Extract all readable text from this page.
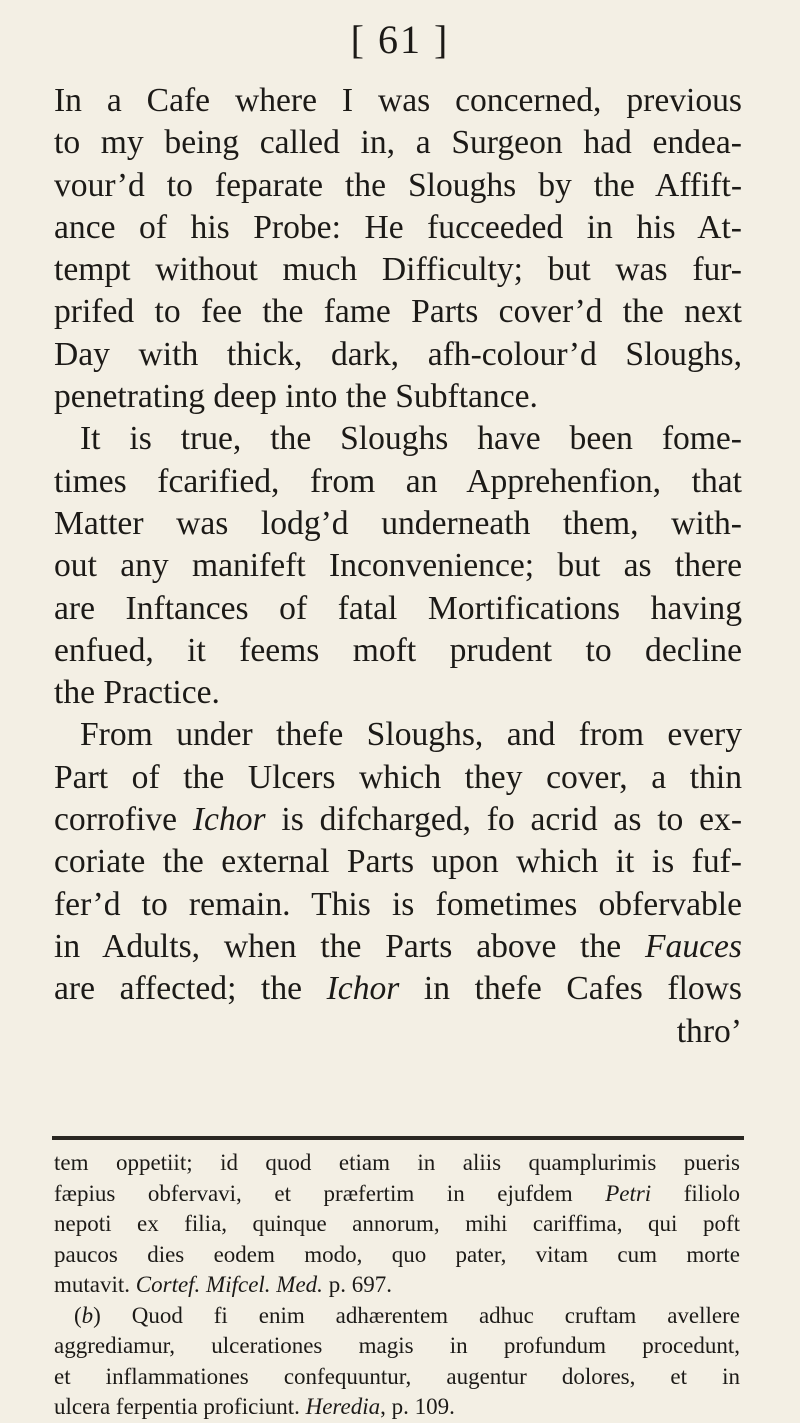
[ 61 ]
In a Cafe where I was concerned, previous
to my being called in, a Surgeon had endea-
vour’d to feparate the Sloughs by the Affift-
ance of his Probe: He fucceeded in his At-
tempt without much Difficulty; but was fur-
prifed to fee the fame Parts cover’d the next
Day with thick, dark, afh-colour’d Sloughs,
penetrating deep into the Subftance.
It is true, the Sloughs have been fome-
times fcarified, from an Apprehenfion, that
Matter was lodg’d underneath them, with-
out any manifeft Inconvenience; but as there
are Inftances of fatal Mortifications having
enfued, it feems moft prudent to decline
the Practice.
From under thefe Sloughs, and from every
Part of the Ulcers which they cover, a thin
corrofive Ichor is difcharged, fo acrid as to ex-
coriate the external Parts upon which it is fuf-
fer’d to remain. This is fometimes obfervable
in Adults, when the Parts above the Fauces
are affected; the Ichor in thefe Cafes flows
thro’
tem oppetiit; id quod etiam in aliis quamplurimis pueris
fæpius obfervavi, et præfertim in ejufdem Petri filiolo
nepoti ex filia, quinque annorum, mihi cariffima, qui poft
paucos dies eodem modo, quo pater, vitam cum morte
mutavit. Cortef. Mifcel. Med. p. 697.
(b) Quod fi enim adhærentem adhuc cruftam avellere
aggrediamur, ulcerationes magis in profundum procedunt,
et inflammationes confequuntur, augentur dolores, et in
ulcera ferpentia proficiunt. Heredia, p. 109.
